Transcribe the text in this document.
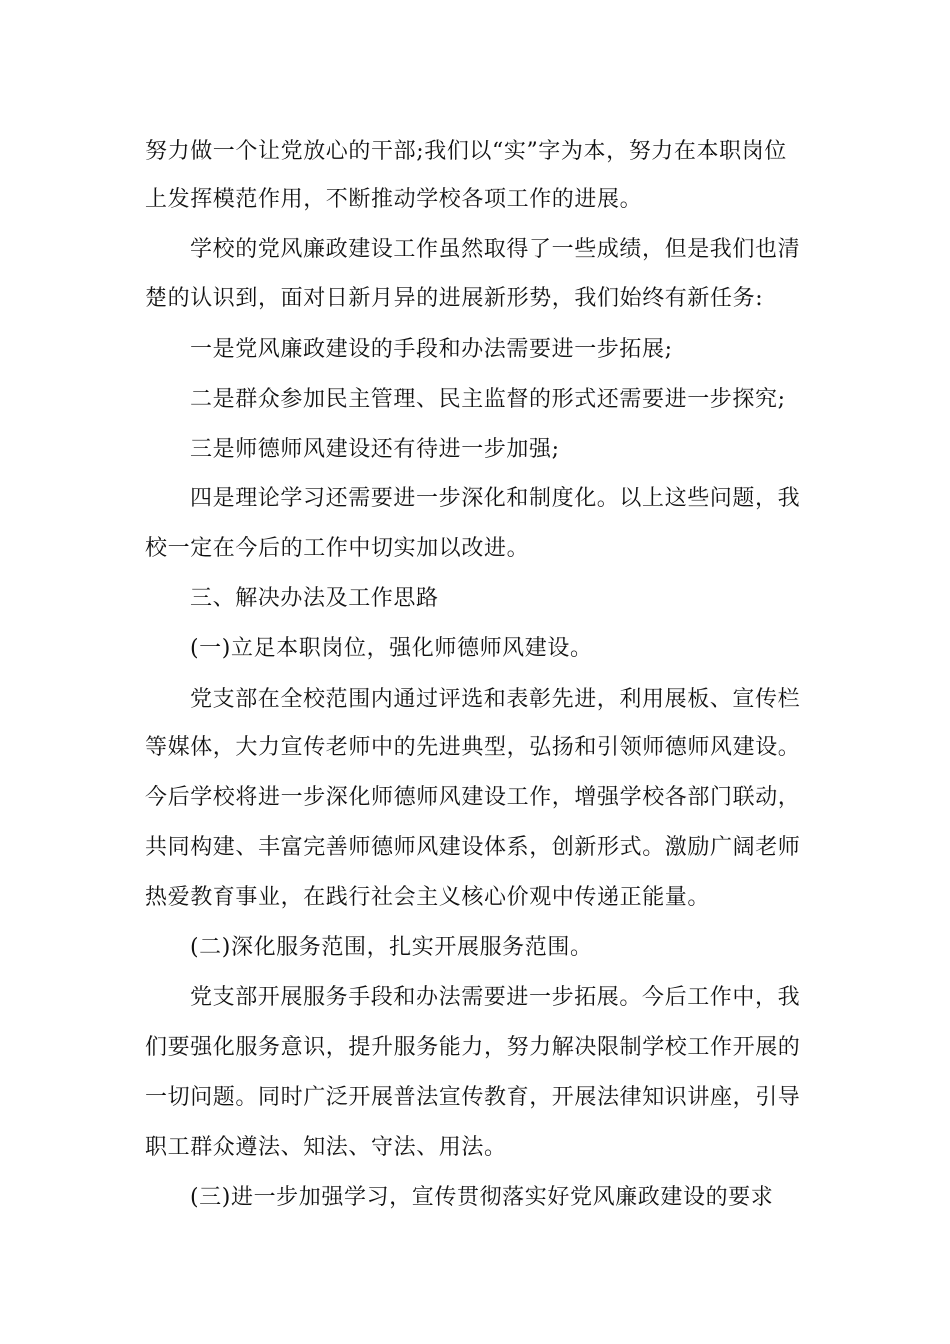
努力做一个让党放心的干部;我们以“实”字为本，努力在本职岗位
上发挥模范作用，不断推动学校各项工作的进展。
学校的党风廉政建设工作虽然取得了一些成绩，但是我们也清
楚的认识到，面对日新月异的进展新形势，我们始终有新任务:
一是党风廉政建设的手段和办法需要进一步拓展;
二是群众参加民主管理、民主监督的形式还需要进一步探究;
三是师德师风建设还有待进一步加强;
四是理论学习还需要进一步深化和制度化。以上这些问题，我
校一定在今后的工作中切实加以改进。
三、解决办法及工作思路
(一)立足本职岗位，强化师德师风建设。
党支部在全校范围内通过评选和表彰先进，利用展板、宣传栏
等媒体，大力宣传老师中的先进典型，弘扬和引领师德师风建设。
今后学校将进一步深化师德师风建设工作，增强学校各部门联动，
共同构建、丰富完善师德师风建设体系，创新形式。激励广阔老师
热爱教育事业，在践行社会主义核心价观中传递正能量。
(二)深化服务范围，扎实开展服务范围。
党支部开展服务手段和办法需要进一步拓展。今后工作中，我
们要强化服务意识，提升服务能力，努力解决限制学校工作开展的
一切问题。同时广泛开展普法宣传教育，开展法律知识讲座，引导
职工群众遵法、知法、守法、用法。
(三)进一步加强学习，宣传贯彻落实好党风廉政建设的要求
